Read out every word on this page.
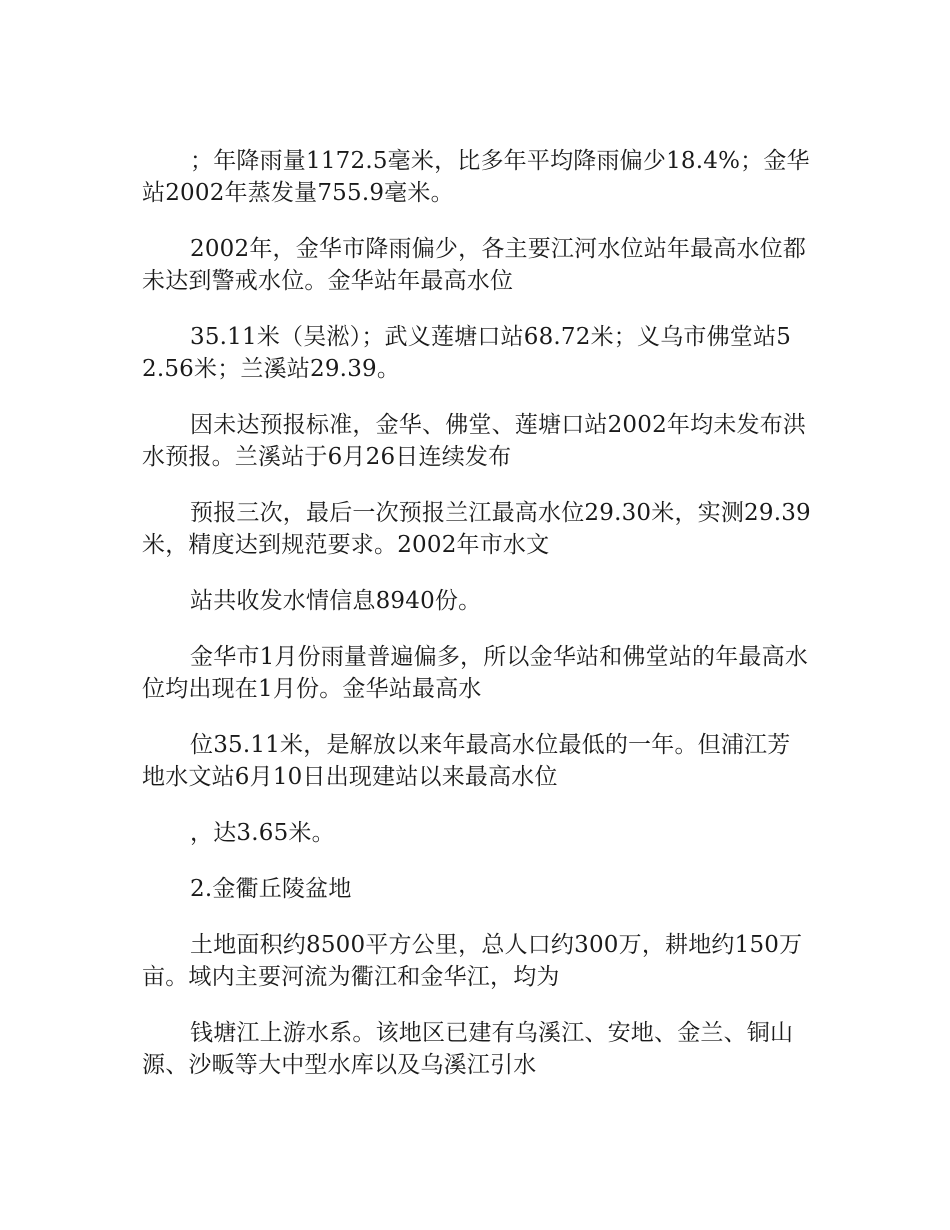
；年降雨量1172.5毫米，比多年平均降雨偏少18.4%；金华站2002年蒸发量755.9毫米。

2002年，金华市降雨偏少，各主要江河水位站年最高水位都未达到警戒水位。金华站年最高水位

35.11米（吴淞）；武义莲塘口站68.72米；义乌市佛堂站52.56米；兰溪站29.39。

因未达预报标准，金华、佛堂、莲塘口站2002年均未发布洪水预报。兰溪站于6月26日连续发布

预报三次，最后一次预报兰江最高水位29.30米，实测29.39米，精度达到规范要求。2002年市水文

站共收发水情信息8940份。

金华市1月份雨量普遍偏多，所以金华站和佛堂站的年最高水位均出现在1月份。金华站最高水

位35.11米，是解放以来年最高水位最低的一年。但浦江芳地水文站6月10日出现建站以来最高水位

，达3.65米。

2.金衢丘陵盆地

土地面积约8500平方公里，总人口约300万，耕地约150万亩。域内主要河流为衢江和金华江，均为

钱塘江上游水系。该地区已建有乌溪江、安地、金兰、铜山源、沙畈等大中型水库以及乌溪江引水
